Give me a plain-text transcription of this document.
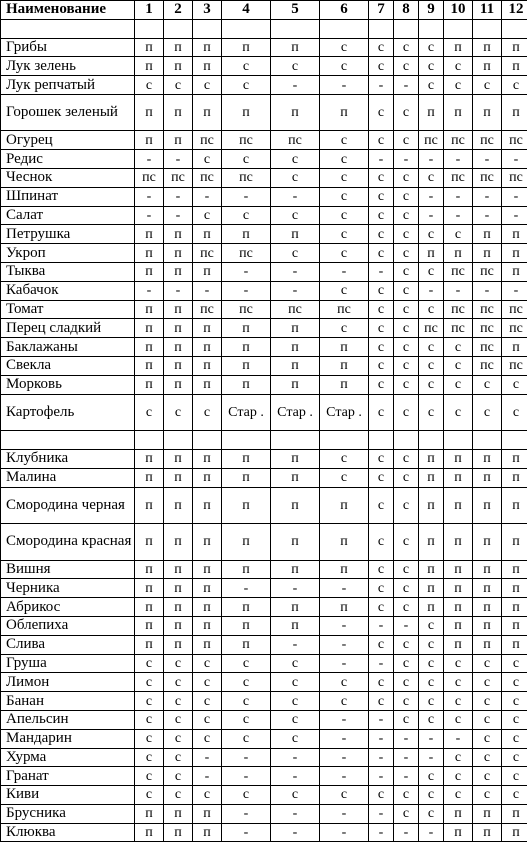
Наименование	1	2	3	4	5	6	7	8	9	10	11	12

Грибы	п	п	п	п	п	с	с	с	с	п	п	п
Лук зелень	п	п	п	с	с	с	с	с	с	с	п	п
Лук репчатый	с	с	с	с	-	-	-	-	с	с	с	с
Горошек зеленый	п	п	п	п	п	п	с	с	п	п	п	п
Огурец	п	п	пс	пс	пс	с	с	с	пс	пс	пс	пс
Редис	-	-	с	с	с	с	-	-	-	-	-	-
Чеснок	пс	пс	пс	пс	с	с	с	с	с	пс	пс	пс
Шпинат	-	-	-	-	-	с	с	с	-	-	-	-
Салат	-	-	с	с	с	с	с	с	-	-	-	-
Петрушка	п	п	п	п	п	с	с	с	с	с	п	п
Укроп	п	п	пс	пс	с	с	с	с	п	п	п	п
Тыква	п	п	п	-	-	-	-	с	с	пс	пс	п
Кабачок	-	-	-	-	-	с	с	с	-	-	-	-
Томат	п	п	пс	пс	пс	пс	с	с	с	пс	пс	пс
Перец сладкий	п	п	п	п	п	с	с	с	пс	пс	пс	пс
Баклажаны	п	п	п	п	п	п	с	с	с	с	пс	п
Свекла	п	п	п	п	п	п	с	с	с	с	пс	пс
Морковь	п	п	п	п	п	п	с	с	с	с	с	с
Картофель	с	с	с	Стар .	Стар .	Стар .	с	с	с	с	с	с

Клубника	п	п	п	п	п	с	с	с	п	п	п	п
Малина	п	п	п	п	п	с	с	с	п	п	п	п
Смородина черная	п	п	п	п	п	п	с	с	п	п	п	п
Смородина красная	п	п	п	п	п	п	с	с	п	п	п	п
Вишня	п	п	п	п	п	п	с	с	п	п	п	п
Черника	п	п	п	-	-	-	с	с	п	п	п	п
Абрикос	п	п	п	п	п	п	с	с	п	п	п	п
Облепиха	п	п	п	п	п	-	-	-	с	п	п	п
Слива	п	п	п	п	-	-	с	с	с	п	п	п
Груша	с	с	с	с	с	-	-	с	с	с	с	с
Лимон	с	с	с	с	с	с	с	с	с	с	с	с
Банан	с	с	с	с	с	с	с	с	с	с	с	с
Апельсин	с	с	с	с	с	-	-	с	с	с	с	с
Мандарин	с	с	с	с	с	-	-	-	-	-	с	с
Хурма	с	с	-	-	-	-	-	-	-	с	с	с
Гранат	с	с	-	-	-	-	-	-	с	с	с	с
Киви	с	с	с	с	с	с	с	с	с	с	с	с
Брусника	п	п	п	-	-	-	-	с	с	п	п	п
Клюква	п	п	п	-	-	-	-	-	-	п	п	п
